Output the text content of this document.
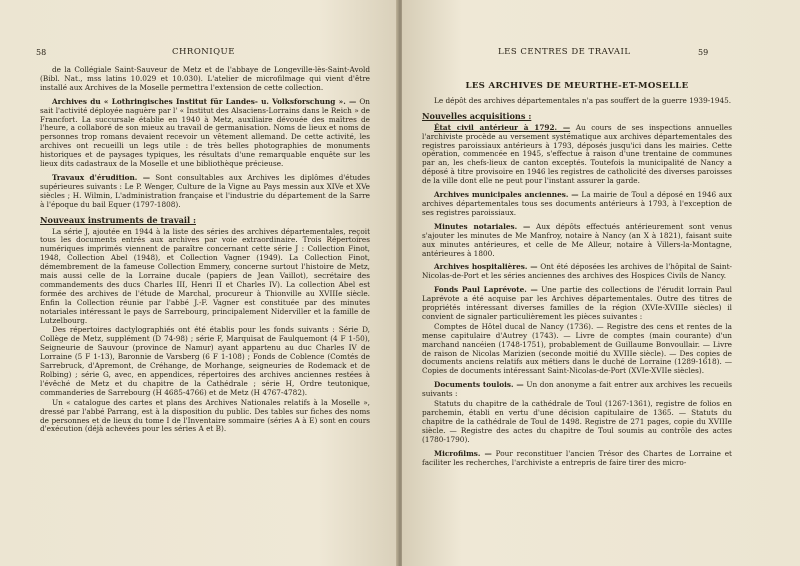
58	CHRONIQUE

de la Collégiale Saint-Sauveur de Metz et de l'abbaye de Longeville-lès-Saint-Avold (Bibl. Nat., mss latins 10.029 et 10.030). L'atelier de microfilmage qui vient d'être installé aux Archives de la Moselle permettra l'extension de cette collection.

Archives du « Lothringisches Institut für Landes- u. Volksforschung ». — On sait l'activité déployée naguère par l' « Institut des Alsaciens-Lorrains dans le Reich » de Francfort. La succursale établie en 1940 à Metz, auxiliaire dévouée des maîtres de l'heure, a collaboré de son mieux au travail de germanisation. Noms de lieux et noms de personnes trop romans devaient recevoir un vêtement allemand. De cette activité, les archives ont recueilli un legs utile : de très belles photographies de monuments historiques et de paysages typiques, les résultats d'une remarquable enquête sur les lieux dits cadastraux de la Moselle et une bibliothèque précieuse.

Travaux d'érudition. — Sont consultables aux Archives les diplômes d'études supérieures suivants : Le P. Wenger, Culture de la Vigne au Pays messin aux XIVe et XVe siècles ; H. Wilmin, L'administration française et l'industrie du département de la Sarre à l'époque du bail Equer (1797-1808).

Nouveaux instruments de travail :

La série J, ajoutée en 1944 à la liste des séries des archives départementales, reçoit tous les documents entrés aux archives par voie extraordinaire. Trois Répertoires numériques imprimés viennent de paraître concernant cette série J : Collection Finot, 1948, Collection Abel (1948), et Collection Vagner (1949). La Collection Finot, démembrement de la fameuse Collection Emmery, concerne surtout l'histoire de Metz, mais aussi celle de la Lorraine ducale (papiers de Jean Vaillot), secrétaire des commandements des ducs Charles III, Henri II et Charles IV). La collection Abel est formée des archives de l'étude de Marchal, procureur à Thionville au XVIIIe siècle. Enfin la Collection réunie par l'abbé J.-F. Vagner est constituée par des minutes notariales intéressant le pays de Sarrebourg, principalement Niderviller et la famille de Lutzelbourg.

Des répertoires dactylographiés ont été établis pour les fonds suivants : Série D, Collège de Metz, supplément (D 74-98) ; série F, Marquisat de Faulquemont (4 F 1-50), Seigneurie de Sauvour (province de Namur) ayant appartenu au duc Charles IV de Lorraine (5 F 1-13), Baronnie de Varsberg (6 F 1-108) ; Fonds de Coblence (Comtés de Sarrebruck, d'Apremont, de Créhange, de Morhange, seigneuries de Rodemack et de Rolbing) ; série G, avec, en appendices, répertoires des archives anciennes restées à l'évêché de Metz et du chapitre de la Cathédrale ; série H, Ordre teutonique, commanderies de Sarrebourg (H 4685-4766) et de Metz (H 4767-4782).

Un « catalogue des cartes et plans des Archives Nationales relatifs à la Moselle », dressé par l'abbé Parrang, est à la disposition du public. Des tables sur fiches des noms de personnes et de lieux du tome I de l'Inventaire sommaire (séries A à E) sont en cours d'exécution (déjà achevées pour les séries A et B).

LES CENTRES DE TRAVAIL	59

LES ARCHIVES DE MEURTHE-ET-MOSELLE

Le dépôt des archives départementales n'a pas souffert de la guerre 1939-1945.

Nouvelles acquisitions :

État civil antérieur à 1792. — Au cours de ses inspections annuelles l'archiviste procède au versement systématique aux archives départementales des registres paroissiaux antérieurs à 1793, déposés jusqu'ici dans les mairies. Cette opération, commencée en 1945, s'effectue à raison d'une trentaine de communes par an, les chefs-lieux de canton exceptés. Toutefois la municipalité de Nancy a déposé à titre provisoire en 1946 les registres de catholicité des diverses paroisses de la ville dont elle ne peut pour l'instant assurer la garde.

Archives municipales anciennes. — La mairie de Toul a déposé en 1946 aux archives départementales tous ses documents antérieurs à 1793, à l'exception de ses registres paroissiaux.

Minutes notariales. — Aux dépôts effectués antérieurement sont venus s'ajouter les minutes de Me Manfroy, notaire à Nancy (an X à 1821), faisant suite aux minutes antérieures, et celle de Me Alleur, notaire à Villers-la-Montagne, antérieures à 1800.

Archives hospitalières. — Ont été déposées les archives de l'hôpital de Saint-Nicolas-de-Port et les séries anciennes des archives des Hospices Civils de Nancy.

Fonds Paul Laprévote. — Une partie des collections de l'érudit lorrain Paul Laprévote a été acquise par les Archives départementales. Outre des titres de propriétés intéressant diverses familles de la région (XVIe-XVIIIe siècles) il convient de signaler particulièrement les pièces suivantes :

Comptes de Hôtel ducal de Nancy (1736). — Registre des cens et rentes de la mense capitulaire d'Autrey (1743). — Livre de comptes (main courante) d'un marchand nancéien (1748-1751), probablement de Guillaume Bonvoullair. — Livre de raison de Nicolas Marizien (seconde moitié du XVIIIe siècle). — Des copies de documents anciens relatifs aux métiers dans le duché de Lorraine (1289-1618). — Copies de documents intéressant Saint-Nicolas-de-Port (XVIe-XVIIe siècles).

Documents toulois. — Un don anonyme a fait entrer aux archives les recueils suivants :

Statuts du chapitre de la cathédrale de Toul (1267-1361), registre de folios en parchemin, établi en vertu d'une décision capitulaire de 1365. — Statuts du chapitre de la cathédrale de Toul de 1498. Registre de 271 pages, copie du XVIIIe siècle. — Registre des actes du chapitre de Toul soumis au contrôle des actes (1780-1790).

Microfilms. — Pour reconstituer l'ancien Trésor des Chartes de Lorraine et faciliter les recherches, l'archiviste a entrepris de faire tirer des micro-
